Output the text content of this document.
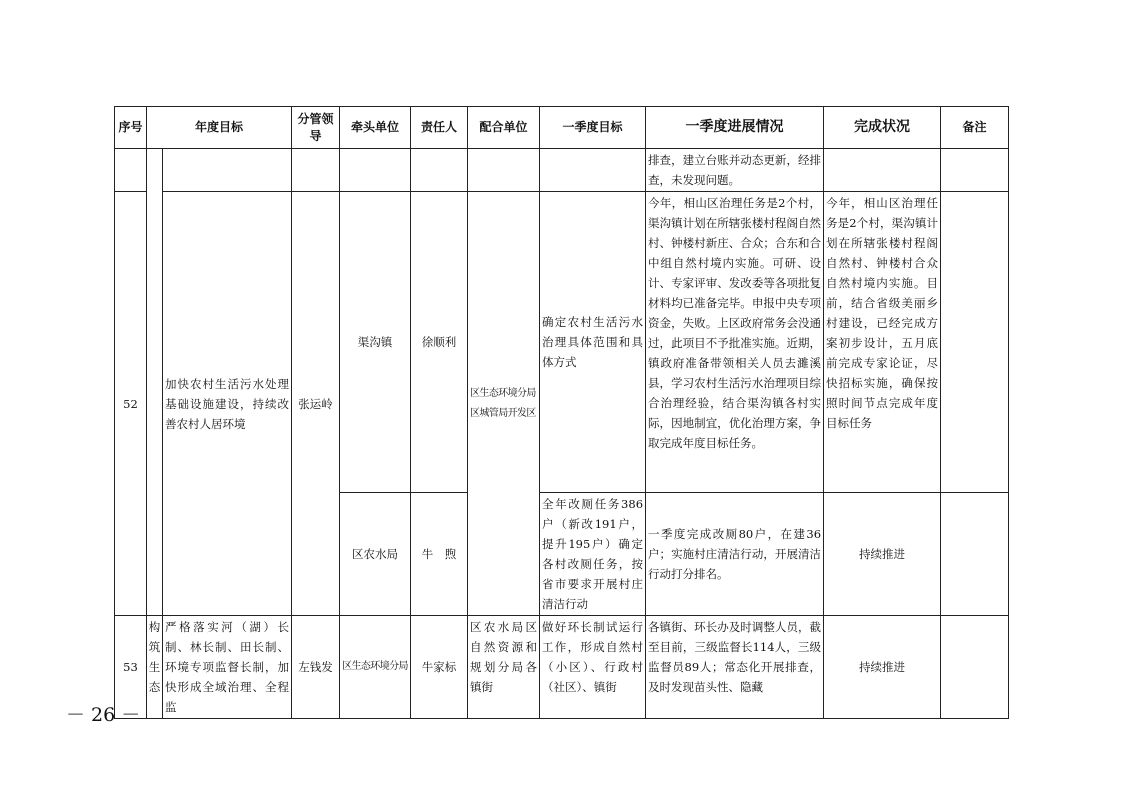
序号	年度目标		分管领导	牵头单位	责任人	配合单位	一季度目标	一季度进展情况	完成状况	备注
								排查，建立台账并动态更新，经排查，未发现问题。		
52		加快农村生活污水处理基础设施建设，持续改善农村人居环境	张运岭	渠沟镇	徐顺利	区生态环境分局区城管局开发区	确定农村生活污水治理具体范围和具体方式	今年，相山区治理任务是2个村，渠沟镇计划在所辖张楼村程阁自然村、钟楼村新庄、合众；合东和合中组自然村境内实施。可研、设计、专家评审、发改委等各项批复材料均已准备完毕。申报中央专项资金，失败。上区政府常务会没通过，此项目不予批准实施。近期，镇政府准备带领相关人员去濉溪县，学习农村生活污水治理项目综合治理经验，结合渠沟镇各村实际，因地制宜，优化治理方案，争取完成年度目标任务。	今年，相山区治理任务是2个村，渠沟镇计划在所辖张楼村程阁自然村、钟楼村合众自然村境内实施。目前，结合省级美丽乡村建设，已经完成方案初步设计，五月底前完成专家论证，尽快招标实施，确保按照时间节点完成年度目标任务	
				区农水局	牛　煦		全年改厕任务386户（新改191户，提升195户）确定各村改厕任务，按省市要求开展村庄清洁行动	一季度完成改厕80户，在建36户；实施村庄清洁行动，开展清洁行动打分排名。	持续推进	
53	构筑生态	严格落实河（湖）长制、林长制、田长制、环境专项监督长制，加快形成全域治理、全程监	左钱发	区生态环境分局	牛家标	区农水局区自然资源和规划分局各镇街	做好环长制试运行工作，形成自然村（小区）、行政村（社区）、镇街	各镇街、环长办及时调整人员，截至目前，三级监督长114人，三级监督员89人；常态化开展排查，及时发现苗头性、隐藏	持续推进	
－ 26 －
